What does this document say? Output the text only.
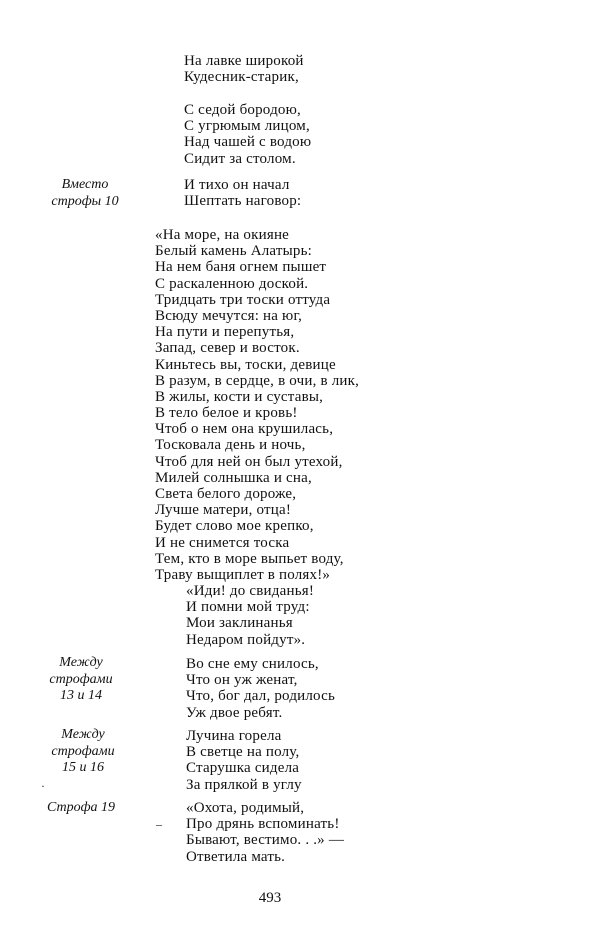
На лавке широкой
Кудесник-старик,
С седой бородою,
С угрюмым лицом,
Над чашей с водою
Сидит за столом.
И тихо он начал
Шептать наговор:
«На море, на окияне
Белый камень Алатырь:
На нем баня огнем пышет
С раскаленною доской.
Тридцать три тоски оттуда
Всюду мечутся: на юг,
На пути и перепутья,
Запад, север и восток.
Киньтесь вы, тоски, девице
В разум, в сердце, в очи, в лик,
В жилы, кости и суставы,
В тело белое и кровь!
Чтоб о нем она крушилась,
Тосковала день и ночь,
Чтоб для ней он был утехой,
Милей солнышка и сна,
Света белого дороже,
Лучше матери, отца!
Будет слово мое крепко,
И не снимется тоска
Тем, кто в море выпьет воду,
Траву выщиплет в полях!»
«Иди! до свиданья!
И помни мой труд:
Мои заклинанья
Недаром пойдут».
Во сне ему снилось,
Что он уж женат,
Что, бог дал, родилось
Уж двое ребят.
Лучина горела
В светце на полу,
Старушка сидела
За прялкой в углу
«Охота, родимый,
Про дрянь вспоминать!
Бывают, вестимо. . .» —
Ответила мать.
Вместо
строфы 10
Между
строфами
13 и 14
Между
строфами
15 и 16
Строфа 19
·
–
493
